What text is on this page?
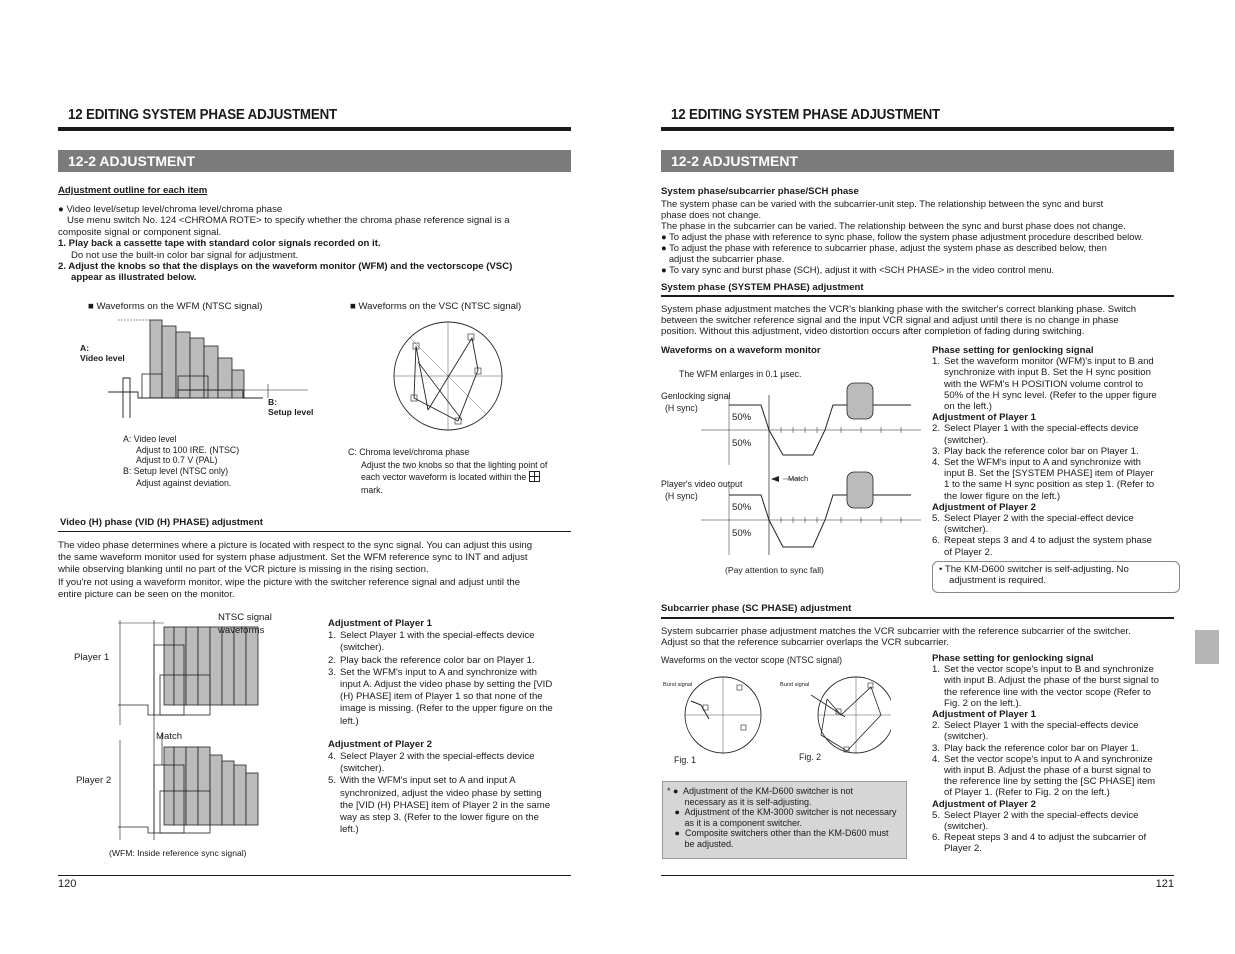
12 EDITING SYSTEM PHASE ADJUSTMENT
12-2 ADJUSTMENT
Adjustment outline for each item
● Video level/setup level/chroma level/chroma phase
Use menu switch No. 124 <CHROMA ROTE> to specify whether the chroma phase reference signal is a
composite signal or component signal.
1. Play back a cassette tape with standard color signals recorded on it.
Do not use the built-in color bar signal for adjustment.
2. Adjust the knobs so that the displays on the waveform monitor (WFM) and the vectorscope (VSC)
appear as illustrated below.
■ Waveforms on the WFM (NTSC signal)	■ Waveforms on the VSC (NTSC signal)
A:
Video level
B:
Setup level
A: Video level
Adjust to 100 IRE. (NTSC)
Adjust to 0.7 V (PAL)
B: Setup level (NTSC only)
Adjust against deviation.
C: Chroma level/chroma phase
Adjust the two knobs so that the lighting point of
each vector waveform is located within the
mark.
Video (H) phase (VID (H) PHASE) adjustment
The video phase determines where a picture is located with respect to the sync signal. You can adjust this using
the same waveform monitor used for system phase adjustment. Set the WFM reference sync to INT and adjust
while observing blanking until no part of the VCR picture is missing in the rising section.
If you're not using a waveform monitor, wipe the picture with the switcher reference signal and adjust until the
entire picture can be seen on the monitor.
NTSC signal
waveforms
Player 1
Match
Player 2
(WFM: Inside reference sync signal)
Adjustment of Player 1
1. Select Player 1 with the special-effects device
(switcher).
2. Play back the reference color bar on Player 1.
3. Set the WFM's input to A and synchronize with
input A. Adjust the video phase by setting the [VID
(H) PHASE] item of Player 1 so that none of the
image is missing. (Refer to the upper figure on the
left.)
Adjustment of Player 2
4. Select Player 2 with the special-effects device
(switcher).
5. With the WFM's input set to A and input A
synchronized, adjust the video phase by setting
the [VID (H) PHASE] item of Player 2 in the same
way as step 3. (Refer to the lower figure on the
left.)
120
12 EDITING SYSTEM PHASE ADJUSTMENT
12-2 ADJUSTMENT
System phase/subcarrier phase/SCH phase
The system phase can be varied with the subcarrier-unit step. The relationship between the sync and burst
phase does not change.
The phase in the subcarrier can be varied. The relationship between the sync and burst phase does not change.
● To adjust the phase with reference to sync phase, follow the system phase adjustment procedure described below.
● To adjust the phase with reference to subcarrier phase, adjust the system phase as described below, then
adjust the subcarrier phase.
● To vary sync and burst phase (SCH), adjust it with <SCH PHASE> in the video control menu.
System phase (SYSTEM PHASE) adjustment
System phase adjustment matches the VCR's blanking phase with the switcher's correct blanking phase. Switch
between the switcher reference signal and the input VCR signal and adjust until there is no change in phase
position. Without this adjustment, video distortion occurs after completion of fading during switching.
Waveforms on a waveform monitor
The WFM enlarges in 0.1 µsec.
Genlocking signal
(H sync)
Player's video output
(H sync)
50%
50%
50%
50%
Match
(Pay attention to sync fall)
Phase setting for genlocking signal
1. Set the waveform monitor (WFM)'s input to B and
synchronize with input B. Set the H sync position
with the WFM's H POSITION volume control to
50% of the H sync level. (Refer to the upper figure
on the left.)
Adjustment of Player 1
2. Select Player 1 with the special-effects device
(switcher).
3. Play back the reference color bar on Player 1.
4. Set the WFM's input to A and synchronize with
input B. Set the [SYSTEM PHASE] item of Player
1 to the same H sync position as step 1. (Refer to
the lower figure on the left.)
Adjustment of Player 2
5. Select Player 2 with the special-effect device
(switcher).
6. Repeat steps 3 and 4 to adjust the system phase
of Player 2.
• The KM-D600 switcher is self-adjusting. No
adjustment is required.
Subcarrier phase (SC PHASE) adjustment
System subcarrier phase adjustment matches the VCR subcarrier with the reference subcarrier of the switcher.
Adjust so that the reference subcarrier overlaps the VCR subcarrier.
Waveforms on the vector scope (NTSC signal)
Burst signal	Burst signal
Fig. 1	Fig. 2
* ●  Adjustment of the KM-D600 switcher is not
necessary as it is self-adjusting.
●  Adjustment of the KM-3000 switcher is not necessary
as it is a component switcher.
●  Composite switchers other than the KM-D600 must
be adjusted.
Phase setting for genlocking signal
1. Set the vector scope's input to B and synchronize
with input B. Adjust the phase of the burst signal to
the reference line with the vector scope (Refer to
Fig. 2 on the left.).
Adjustment of Player 1
2. Select Player 1 with the special-effects device
(switcher).
3. Play back the reference color bar on Player 1.
4. Set the vector scope's input to A and synchronize
with input B. Adjust the phase of a burst signal to
the reference line by setting the [SC PHASE] item
of Player 1. (Refer to Fig. 2 on the left.)
Adjustment of Player 2
5. Select Player 2 with the special-effects device
(switcher).
6. Repeat steps 3 and 4 to adjust the subcarrier of
Player 2.
121
